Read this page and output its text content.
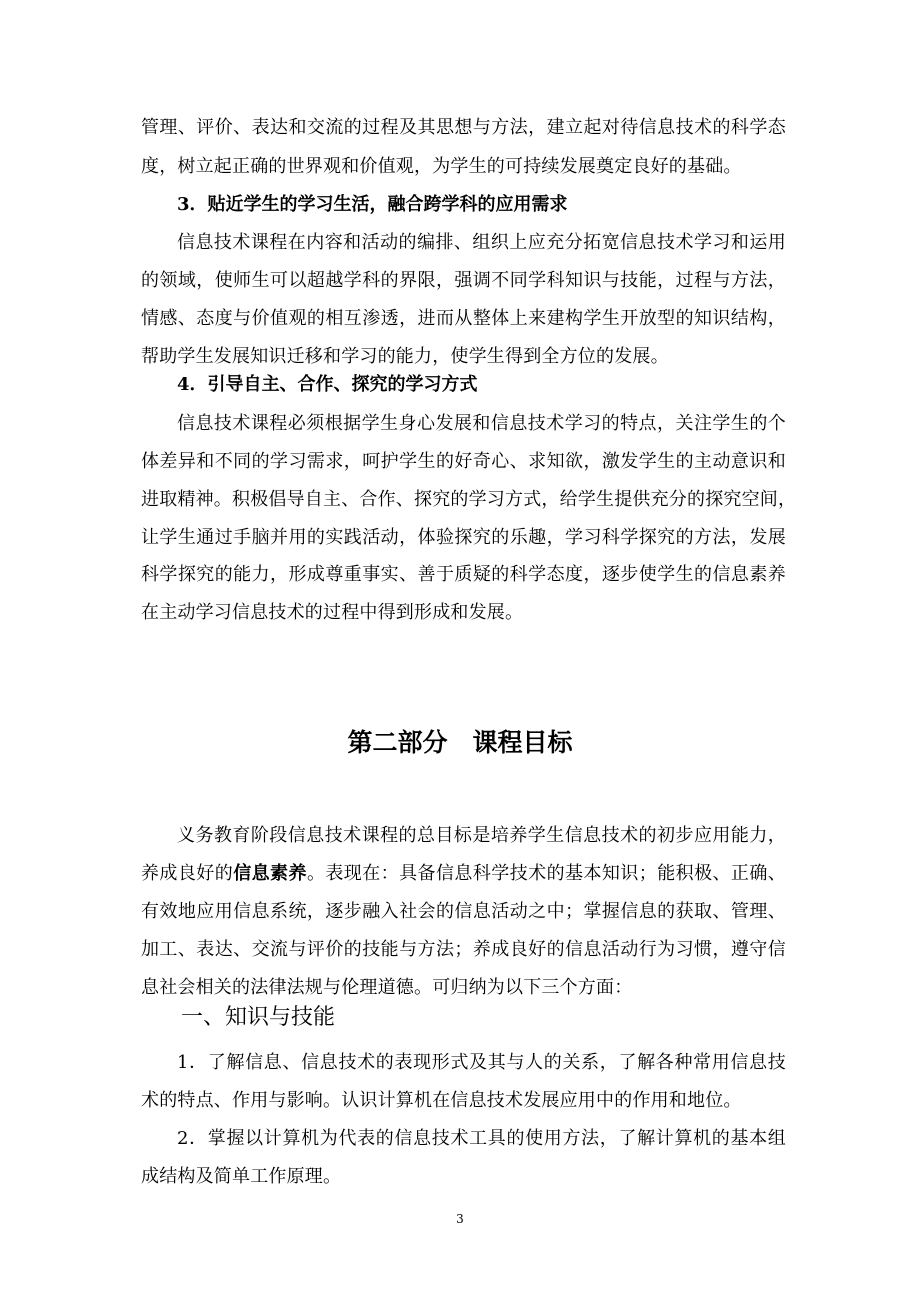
管理、评价、表达和交流的过程及其思想与方法，建立起对待信息技术的科学态
度，树立起正确的世界观和价值观，为学生的可持续发展奠定良好的基础。
3．贴近学生的学习生活，融合跨学科的应用需求
信息技术课程在内容和活动的编排、组织上应充分拓宽信息技术学习和运用
的领域，使师生可以超越学科的界限，强调不同学科知识与技能，过程与方法，
情感、态度与价值观的相互渗透，进而从整体上来建构学生开放型的知识结构，
帮助学生发展知识迁移和学习的能力，使学生得到全方位的发展。
4．引导自主、合作、探究的学习方式
信息技术课程必须根据学生身心发展和信息技术学习的特点，关注学生的个
体差异和不同的学习需求，呵护学生的好奇心、求知欲，激发学生的主动意识和
进取精神。积极倡导自主、合作、探究的学习方式，给学生提供充分的探究空间，
让学生通过手脑并用的实践活动，体验探究的乐趣，学习科学探究的方法，发展
科学探究的能力，形成尊重事实、善于质疑的科学态度，逐步使学生的信息素养
在主动学习信息技术的过程中得到形成和发展。
第二部分　课程目标
义务教育阶段信息技术课程的总目标是培养学生信息技术的初步应用能力，
养成良好的信息素养。表现在：具备信息科学技术的基本知识；能积极、正确、
有效地应用信息系统，逐步融入社会的信息活动之中；掌握信息的获取、管理、
加工、表达、交流与评价的技能与方法；养成良好的信息活动行为习惯，遵守信
息社会相关的法律法规与伦理道德。可归纳为以下三个方面：
一、知识与技能
1．了解信息、信息技术的表现形式及其与人的关系，了解各种常用信息技
术的特点、作用与影响。认识计算机在信息技术发展应用中的作用和地位。
2．掌握以计算机为代表的信息技术工具的使用方法，了解计算机的基本组
成结构及简单工作原理。
3
